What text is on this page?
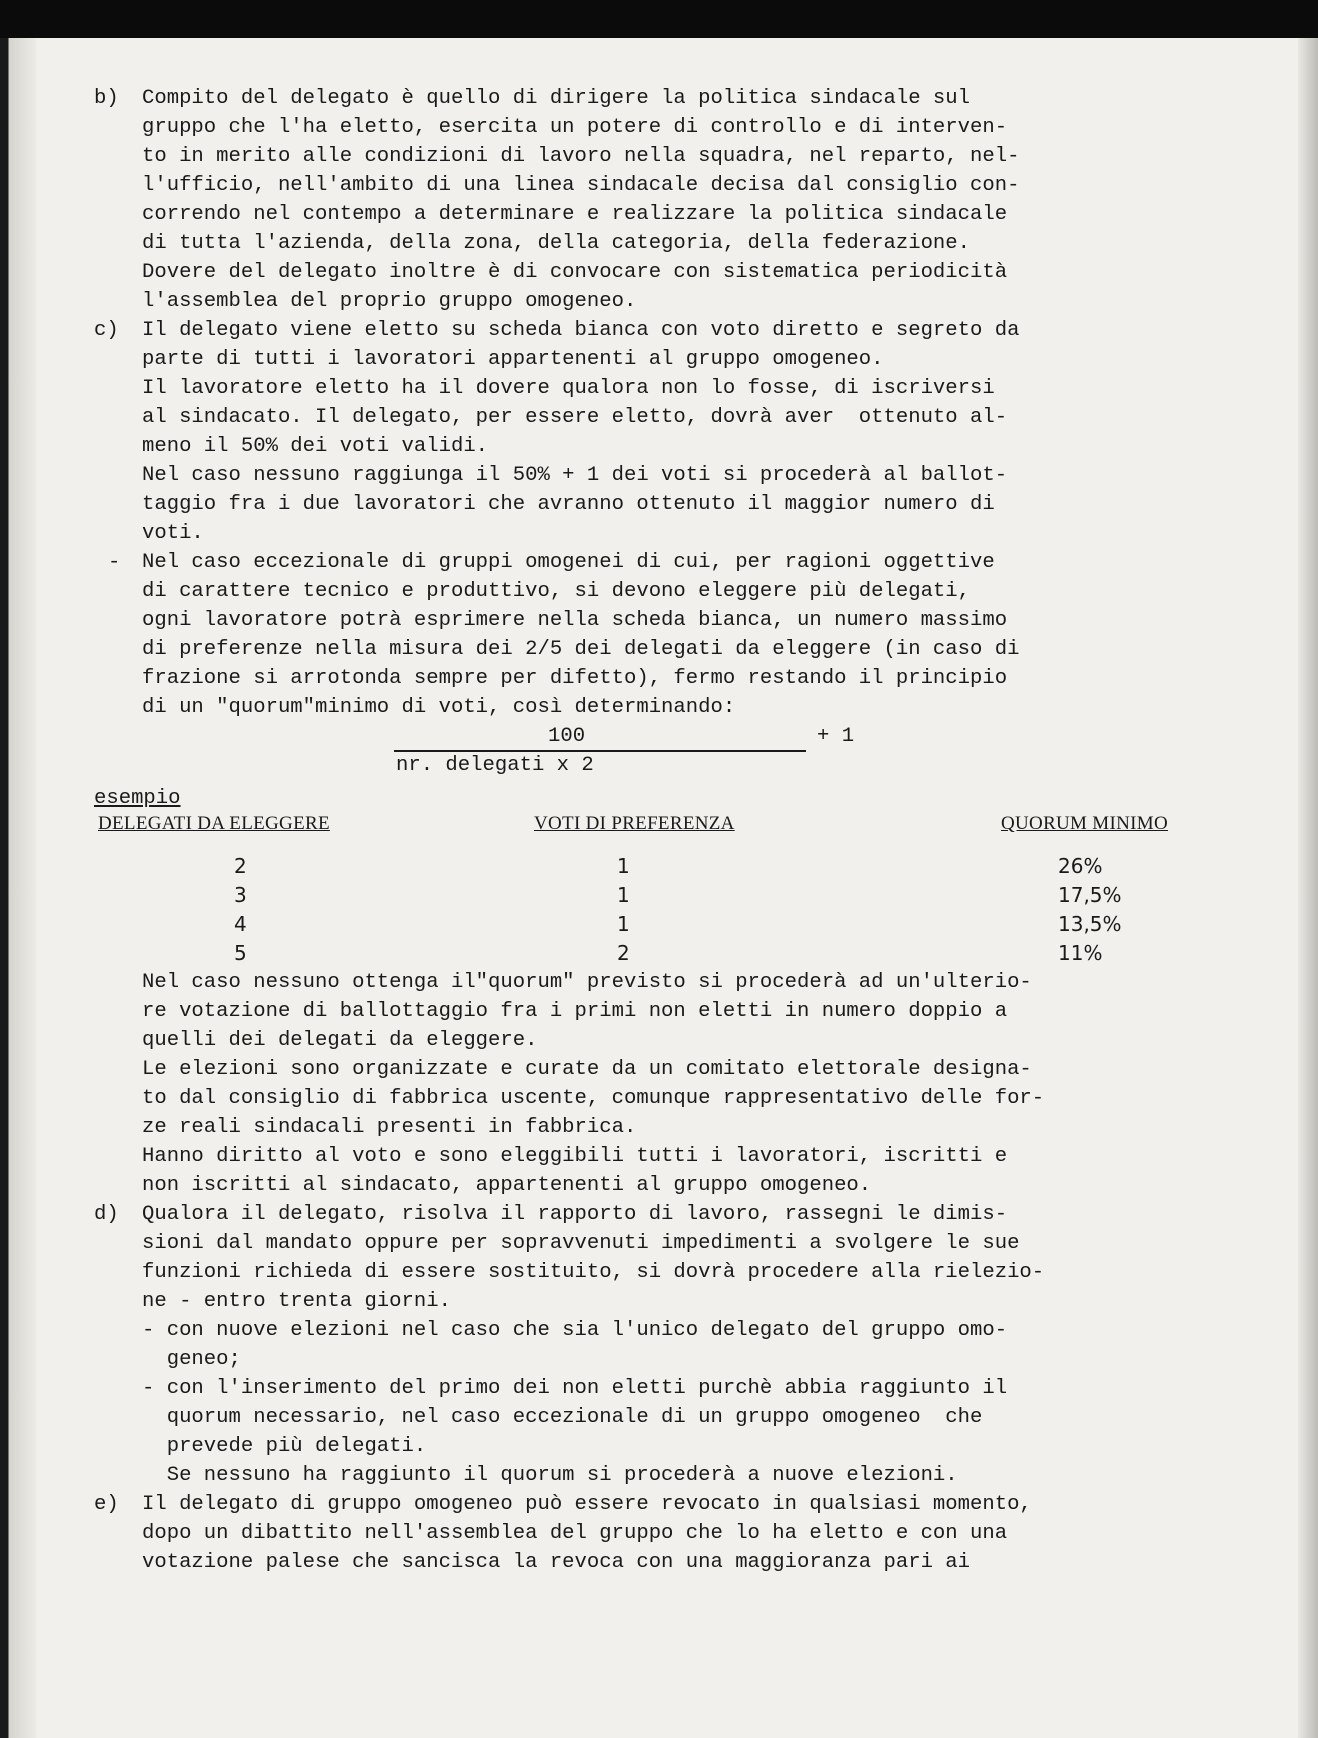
b) Compito del delegato è quello di dirigere la politica sindacale sul
gruppo che l'ha eletto, esercita un potere di controllo e di interven-
to in merito alle condizioni di lavoro nella squadra, nel reparto, nel-
l'ufficio, nell'ambito di una linea sindacale decisa dal consiglio con-
correndo nel contempo a determinare e realizzare la politica sindacale
di tutta l'azienda, della zona, della categoria, della federazione.
Dovere del delegato inoltre è di convocare con sistematica periodicità
l'assemblea del proprio gruppo omogeneo.
c) Il delegato viene eletto su scheda bianca con voto diretto e segreto da
parte di tutti i lavoratori appartenenti al gruppo omogeneo.
Il lavoratore eletto ha il dovere qualora non lo fosse, di iscriversi
al sindacato. Il delegato, per essere eletto, dovrà aver  ottenuto al-
meno il 50% dei voti validi.
Nel caso nessuno raggiunga il 50% + 1 dei voti si procederà al ballot-
taggio fra i due lavoratori che avranno ottenuto il maggior numero di
voti.
- Nel caso eccezionale di gruppi omogenei di cui, per ragioni oggettive
di carattere tecnico e produttivo, si devono eleggere più delegati,
ogni lavoratore potrà esprimere nella scheda bianca, un numero massimo
di preferenze nella misura dei 2/5 dei delegati da eleggere (in caso di
frazione si arrotonda sempre per difetto), fermo restando il principio
di un "quorum"minimo di voti, così determinando:
100	+ 1
nr. delegati x 2
esempio
DELEGATI DA ELEGGERE	VOTI DI PREFERENZA	QUORUM MINIMO
2	1	26%
3	1	17,5%
4	1	13,5%
5	2	11%
Nel caso nessuno ottenga il"quorum" previsto si procederà ad un'ulterio-
re votazione di ballottaggio fra i primi non eletti in numero doppio a
quelli dei delegati da eleggere.
Le elezioni sono organizzate e curate da un comitato elettorale designa-
to dal consiglio di fabbrica uscente, comunque rappresentativo delle for-
ze reali sindacali presenti in fabbrica.
Hanno diritto al voto e sono eleggibili tutti i lavoratori, iscritti e
non iscritti al sindacato, appartenenti al gruppo omogeneo.
d) Qualora il delegato, risolva il rapporto di lavoro, rassegni le dimis-
sioni dal mandato oppure per sopravvenuti impedimenti a svolgere le sue
funzioni richieda di essere sostituito, si dovrà procedere alla rielezio-
ne - entro trenta giorni.
- con nuove elezioni nel caso che sia l'unico delegato del gruppo omo-
geneo;
- con l'inserimento del primo dei non eletti purchè abbia raggiunto il
quorum necessario, nel caso eccezionale di un gruppo omogeneo  che
prevede più delegati.
Se nessuno ha raggiunto il quorum si procederà a nuove elezioni.
e) Il delegato di gruppo omogeneo può essere revocato in qualsiasi momento,
dopo un dibattito nell'assemblea del gruppo che lo ha eletto e con una
votazione palese che sancisca la revoca con una maggioranza pari ai
